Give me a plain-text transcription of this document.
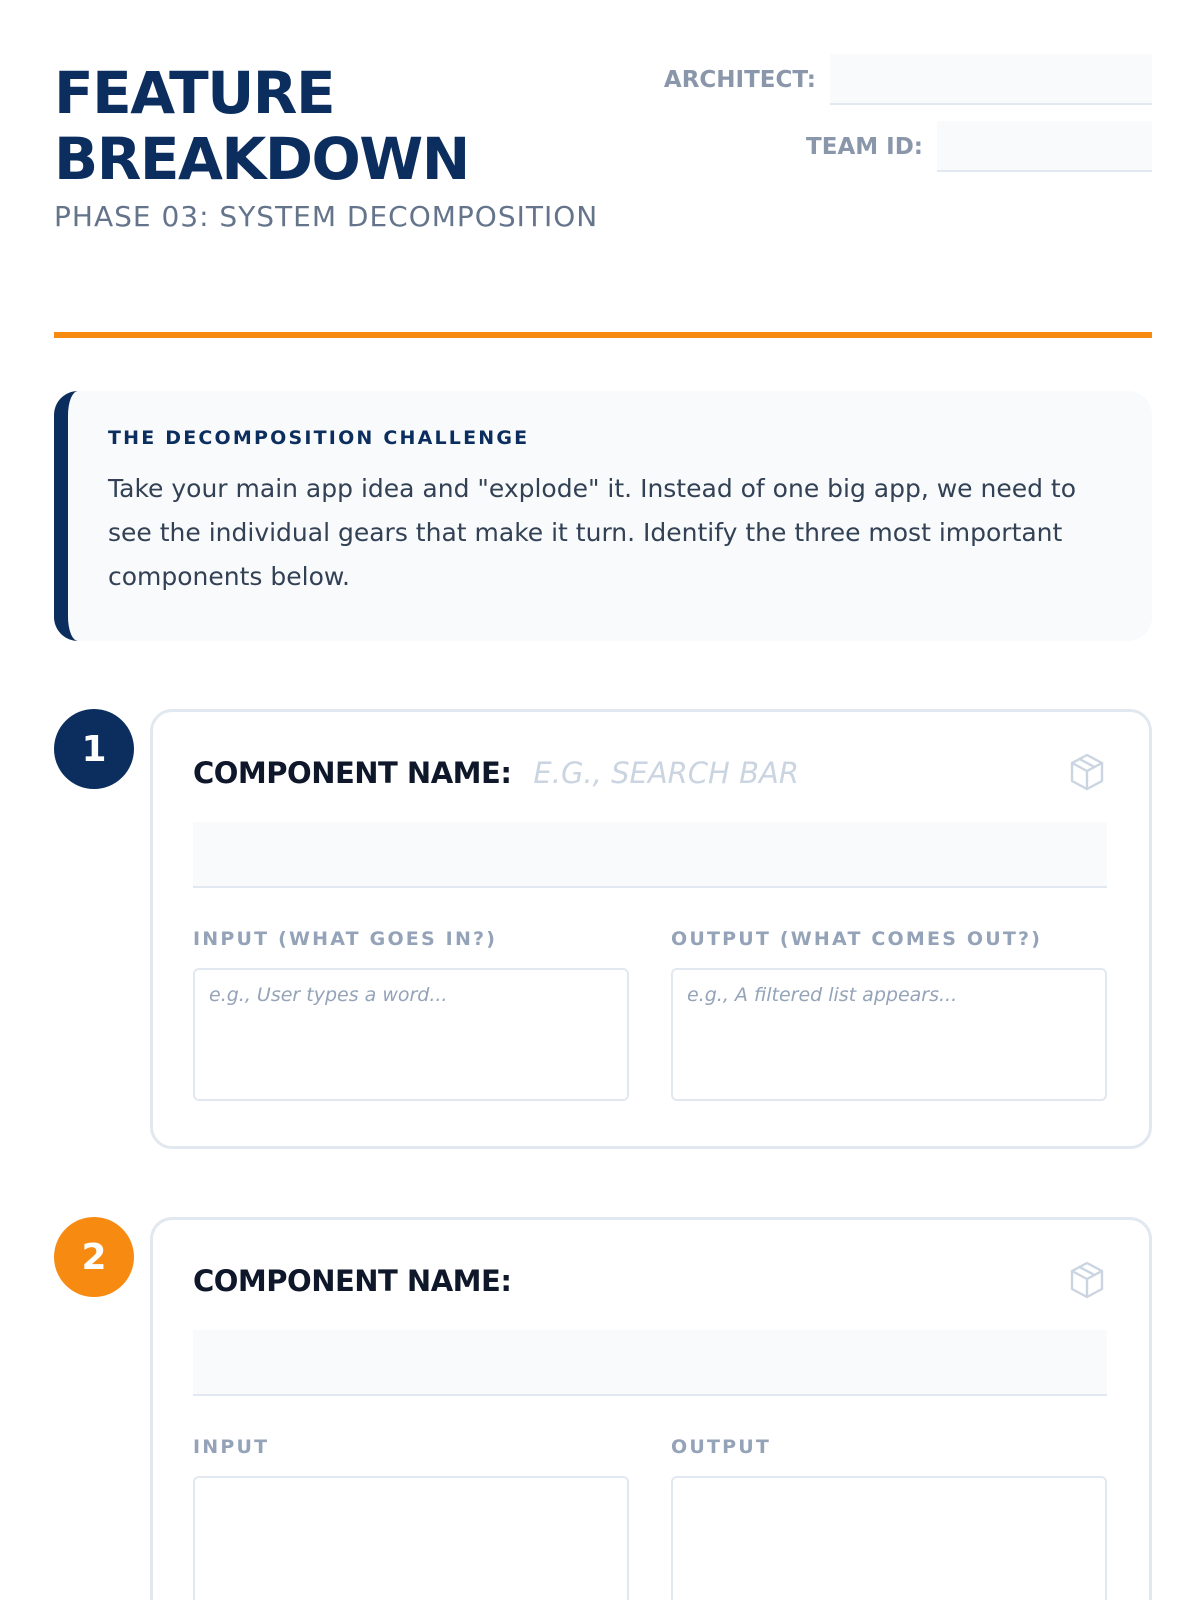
FEATURE
BREAKDOWN
PHASE 03: SYSTEM DECOMPOSITION
ARCHITECT:
TEAM ID:
THE DECOMPOSITION CHALLENGE

Take your main app idea and "explode" it. Instead of one big app, we need to see the individual gears that make it turn. Identify the three most important components below.

1
COMPONENT NAME: E.G., SEARCH BAR
INPUT (WHAT GOES IN?)
e.g., User types a word...	OUTPUT (WHAT COMES OUT?)
e.g., A filtered list appears...
2
COMPONENT NAME:
INPUT	OUTPUT
